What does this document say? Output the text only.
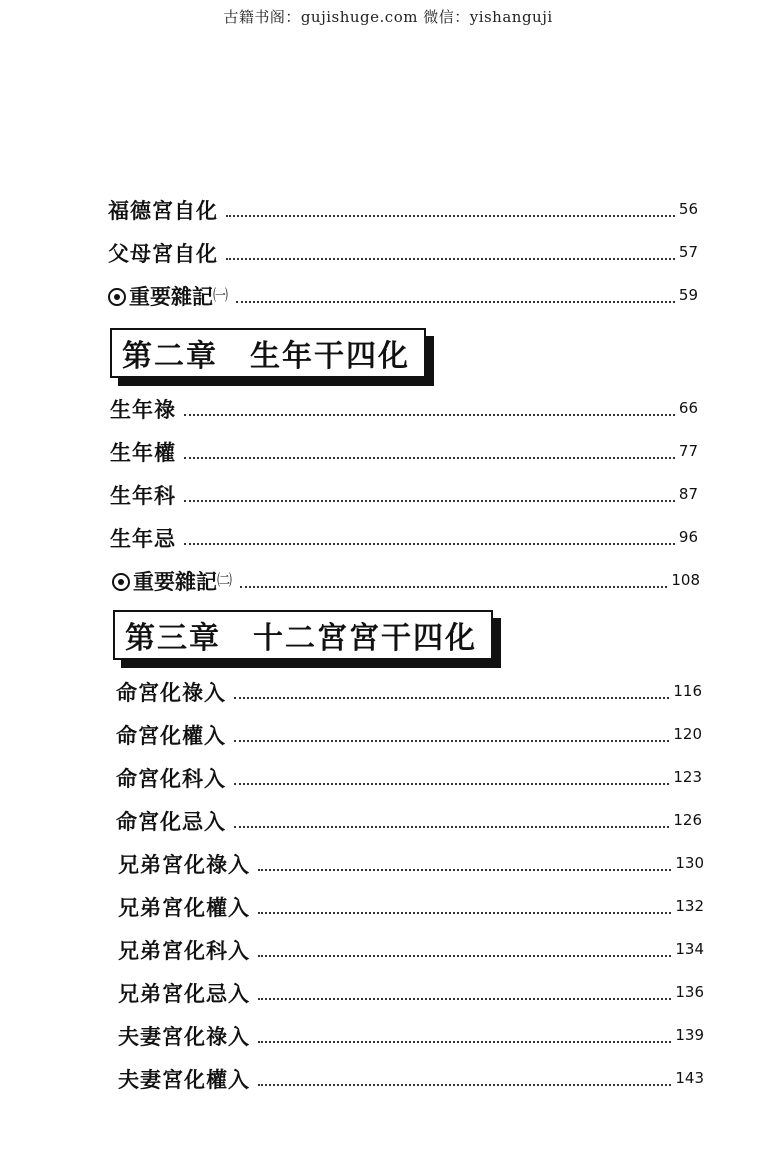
古籍书阁：gujishuge.com 微信：yishanguji
福德宮自化	56
父母宮自化	57
重要雜記㈠	59
第二章 生年干四化
生年祿	66
生年權	77
生年科	87
生年忌	96
重要雜記㈡	108
第三章 十二宮宮干四化
命宮化祿入	116
命宮化權入	120
命宮化科入	123
命宮化忌入	126
兄弟宮化祿入	130
兄弟宮化權入	132
兄弟宮化科入	134
兄弟宮化忌入	136
夫妻宮化祿入	139
夫妻宮化權入	143
